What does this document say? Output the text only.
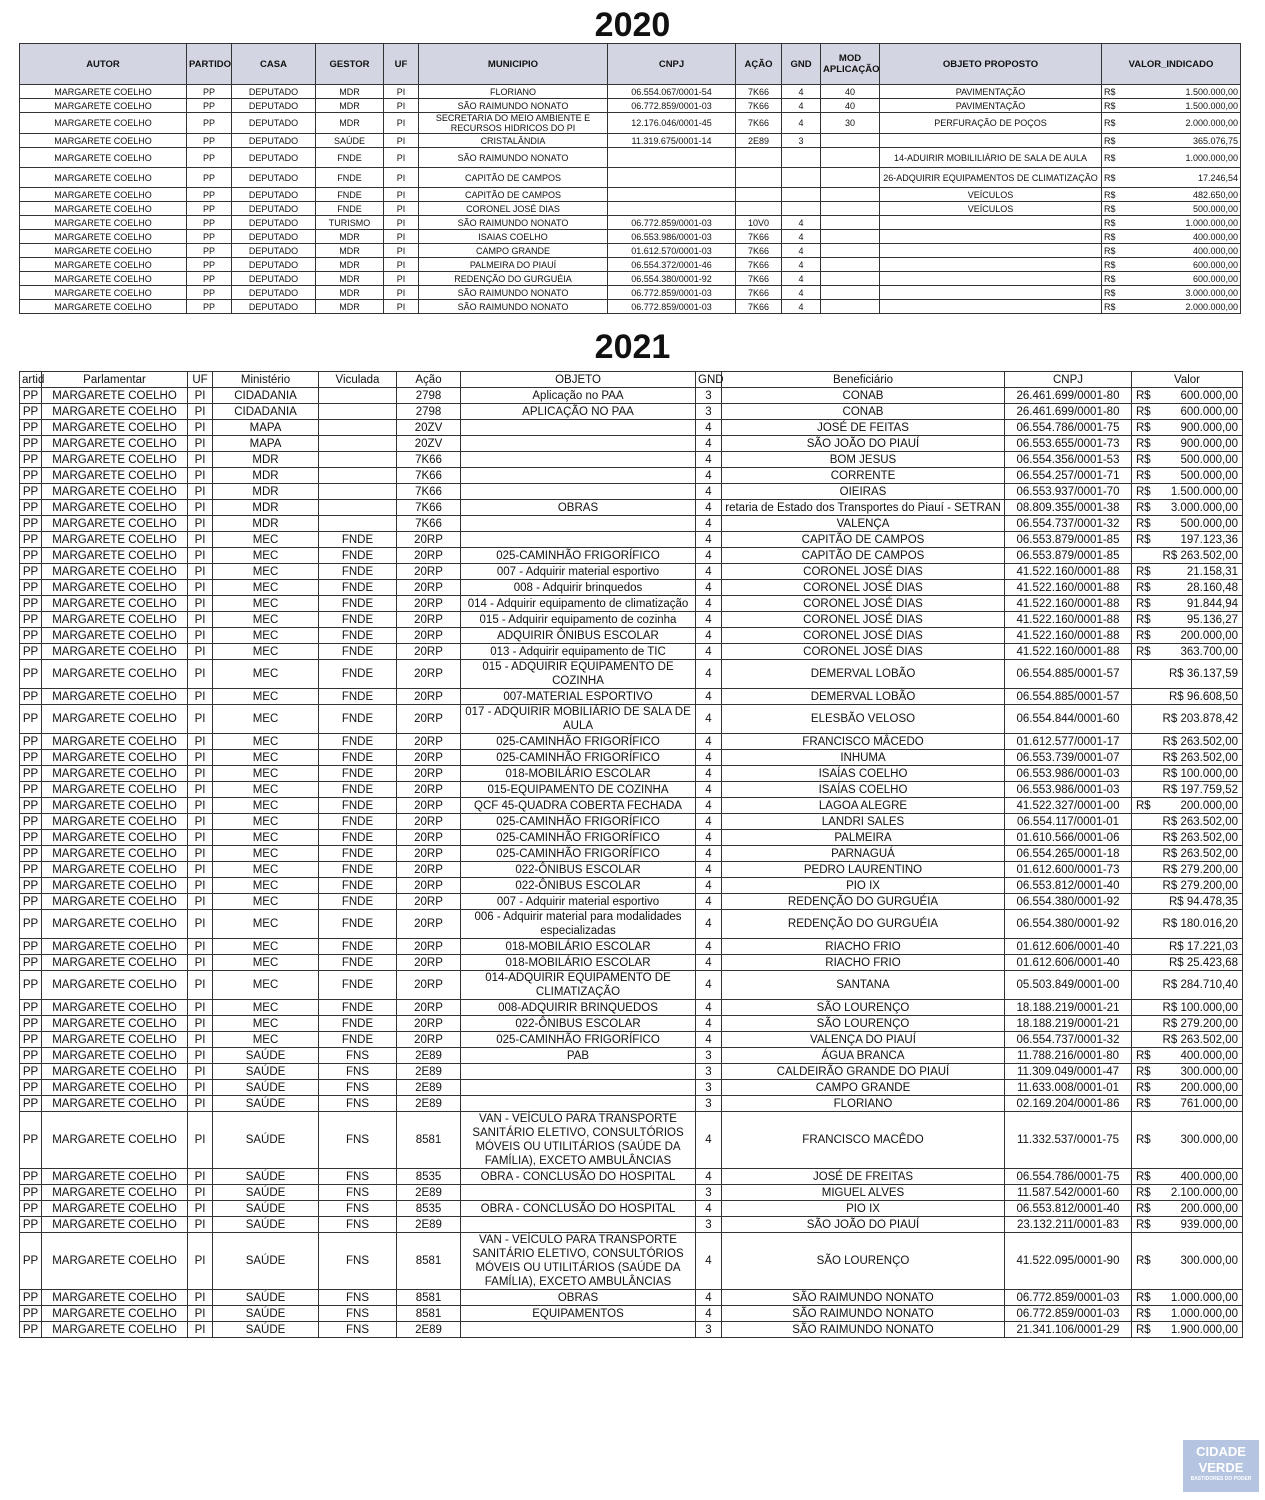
2020
AUTOR	PARTIDO	CASA	GESTOR	UF	MUNICIPIO	CNPJ	AÇÃO	GND	MOD APLICAÇÃO	OBJETO PROPOSTO	VALOR_INDICADO
MARGARETE COELHO	PP	DEPUTADO	MDR	PI	FLORIANO	06.554.067/0001-54	7K66	4	40	PAVIMENTAÇÃO	R$ 1.500.000,00
MARGARETE COELHO	PP	DEPUTADO	MDR	PI	SÃO RAIMUNDO NONATO	06.772.859/0001-03	7K66	4	40	PAVIMENTAÇÃO	R$ 1.500.000,00
MARGARETE COELHO	PP	DEPUTADO	MDR	PI	SECRETARIA DO MEIO AMBIENTE E RECURSOS HIDRICOS DO PI	12.176.046/0001-45	7K66	4	30	PERFURAÇÃO DE POÇOS	R$ 2.000.000,00
MARGARETE COELHO	PP	DEPUTADO	SAÚDE	PI	CRISTALÂNDIA	11.319.675/0001-14	2E89	3			R$ 365.076,75
MARGARETE COELHO	PP	DEPUTADO	FNDE	PI	SÃO RAIMUNDO NONATO					14-ADUIRIR MOBILILIÁRIO DE SALA DE AULA	R$ 1.000.000,00
MARGARETE COELHO	PP	DEPUTADO	FNDE	PI	CAPITÃO DE CAMPOS					26-ADQUIRIR EQUIPAMENTOS DE CLIMATIZAÇÃO	R$ 17.246,54
MARGARETE COELHO	PP	DEPUTADO	FNDE	PI	CAPITÃO DE CAMPOS					VEÍCULOS	R$ 482.650,00
MARGARETE COELHO	PP	DEPUTADO	FNDE	PI	CORONEL JOSÉ DIAS					VEÍCULOS	R$ 500.000,00
MARGARETE COELHO	PP	DEPUTADO	TURISMO	PI	SÃO RAIMUNDO NONATO	06.772.859/0001-03	10V0	4			R$ 1.000.000,00
MARGARETE COELHO	PP	DEPUTADO	MDR	PI	ISAIAS COELHO	06.553.986/0001-03	7K66	4			R$ 400.000,00
MARGARETE COELHO	PP	DEPUTADO	MDR	PI	CAMPO GRANDE	01.612.570/0001-03	7K66	4			R$ 400.000,00
MARGARETE COELHO	PP	DEPUTADO	MDR	PI	PALMEIRA DO PIAUÍ	06.554.372/0001-46	7K66	4			R$ 600.000,00
MARGARETE COELHO	PP	DEPUTADO	MDR	PI	REDENÇÃO DO GURGUÉIA	06.554.380/0001-92	7K66	4			R$ 600.000,00
MARGARETE COELHO	PP	DEPUTADO	MDR	PI	SÃO RAIMUNDO NONATO	06.772.859/0001-03	7K66	4			R$ 3.000.000,00
MARGARETE COELHO	PP	DEPUTADO	MDR	PI	SÃO RAIMUNDO NONATO	06.772.859/0001-03	7K66	4			R$ 2.000.000,00
2021
artid	Parlamentar	UF	Ministério	Viculada	Ação	OBJETO	GND	Beneficiário	CNPJ	Valor
PP	MARGARETE COELHO	PI	CIDADANIA		2798	Aplicação no PAA	3	CONAB	26.461.699/0001-80	R$ 600.000,00
PP	MARGARETE COELHO	PI	CIDADANIA		2798	APLICAÇÃO NO PAA	3	CONAB	26.461.699/0001-80	R$ 600.000,00
PP	MARGARETE COELHO	PI	MAPA		20ZV		4	JOSÉ DE FEITAS	06.554.786/0001-75	R$ 900.000,00
PP	MARGARETE COELHO	PI	MAPA		20ZV		4	SÃO JOÃO DO PIAUÍ	06.553.655/0001-73	R$ 900.000,00
PP	MARGARETE COELHO	PI	MDR		7K66		4	BOM JESUS	06.554.356/0001-53	R$ 500.000,00
PP	MARGARETE COELHO	PI	MDR		7K66		4	CORRENTE	06.554.257/0001-71	R$ 500.000,00
PP	MARGARETE COELHO	PI	MDR		7K66		4	OIEIRAS	06.553.937/0001-70	R$ 1.500.000,00
PP	MARGARETE COELHO	PI	MDR		7K66	OBRAS	4	retaria de Estado dos Transportes do Piauí - SETRAN	08.809.355/0001-38	R$ 3.000.000,00
PP	MARGARETE COELHO	PI	MDR		7K66		4	VALENÇA	06.554.737/0001-32	R$ 500.000,00
PP	MARGARETE COELHO	PI	MEC	FNDE	20RP		4	CAPITÃO DE CAMPOS	06.553.879/0001-85	R$ 197.123,36
PP	MARGARETE COELHO	PI	MEC	FNDE	20RP	025-CAMINHÃO FRIGORÍFICO	4	CAPITÃO DE CAMPOS	06.553.879/0001-85	R$ 263.502,00
PP	MARGARETE COELHO	PI	MEC	FNDE	20RP	007 - Adquirir material esportivo	4	CORONEL JOSÉ DIAS	41.522.160/0001-88	R$ 21.158,31
PP	MARGARETE COELHO	PI	MEC	FNDE	20RP	008 - Adquirir brinquedos	4	CORONEL JOSÉ DIAS	41.522.160/0001-88	R$ 28.160,48
PP	MARGARETE COELHO	PI	MEC	FNDE	20RP	014 - Adquirir equipamento de climatização	4	CORONEL JOSÉ DIAS	41.522.160/0001-88	R$ 91.844,94
PP	MARGARETE COELHO	PI	MEC	FNDE	20RP	015 - Adquirir equipamento de cozinha	4	CORONEL JOSÉ DIAS	41.522.160/0001-88	R$ 95.136,27
PP	MARGARETE COELHO	PI	MEC	FNDE	20RP	ADQUIRIR ÔNIBUS ESCOLAR	4	CORONEL JOSÉ DIAS	41.522.160/0001-88	R$ 200.000,00
PP	MARGARETE COELHO	PI	MEC	FNDE	20RP	013 - Adquirir equipamento de TIC	4	CORONEL JOSÉ DIAS	41.522.160/0001-88	R$ 363.700,00
PP	MARGARETE COELHO	PI	MEC	FNDE	20RP	015 - ADQUIRIR EQUIPAMENTO DE COZINHA	4	DEMERVAL LOBÃO	06.554.885/0001-57	R$ 36.137,59
PP	MARGARETE COELHO	PI	MEC	FNDE	20RP	007-MATERIAL ESPORTIVO	4	DEMERVAL LOBÃO	06.554.885/0001-57	R$ 96.608,50
PP	MARGARETE COELHO	PI	MEC	FNDE	20RP	017 - ADQUIRIR MOBILIÁRIO DE SALA DE AULA	4	ELESBÃO VELOSO	06.554.844/0001-60	R$ 203.878,42
PP	MARGARETE COELHO	PI	MEC	FNDE	20RP	025-CAMINHÃO FRIGORÍFICO	4	FRANCISCO MÂCEDO	01.612.577/0001-17	R$ 263.502,00
PP	MARGARETE COELHO	PI	MEC	FNDE	20RP	025-CAMINHÃO FRIGORÍFICO	4	INHUMA	06.553.739/0001-07	R$ 263.502,00
PP	MARGARETE COELHO	PI	MEC	FNDE	20RP	018-MOBILÁRIO ESCOLAR	4	ISAÍAS COELHO	06.553.986/0001-03	R$ 100.000,00
PP	MARGARETE COELHO	PI	MEC	FNDE	20RP	015-EQUIPAMENTO DE COZINHA	4	ISAÍAS COELHO	06.553.986/0001-03	R$ 197.759,52
PP	MARGARETE COELHO	PI	MEC	FNDE	20RP	QCF 45-QUADRA COBERTA FECHADA	4	LAGOA ALEGRE	41.522.327/0001-00	R$ 200.000,00
PP	MARGARETE COELHO	PI	MEC	FNDE	20RP	025-CAMINHÃO FRIGORÍFICO	4	LANDRI SALES	06.554.117/0001-01	R$ 263.502,00
PP	MARGARETE COELHO	PI	MEC	FNDE	20RP	025-CAMINHÃO FRIGORÍFICO	4	PALMEIRA	01.610.566/0001-06	R$ 263.502,00
PP	MARGARETE COELHO	PI	MEC	FNDE	20RP	025-CAMINHÃO FRIGORÍFICO	4	PARNAGUÁ	06.554.265/0001-18	R$ 263.502,00
PP	MARGARETE COELHO	PI	MEC	FNDE	20RP	022-ÔNIBUS ESCOLAR	4	PEDRO LAURENTINO	01.612.600/0001-73	R$ 279.200,00
PP	MARGARETE COELHO	PI	MEC	FNDE	20RP	022-ÔNIBUS ESCOLAR	4	PIO IX	06.553.812/0001-40	R$ 279.200,00
PP	MARGARETE COELHO	PI	MEC	FNDE	20RP	007 - Adquirir material esportivo	4	REDENÇÃO DO GURGUÉIA	06.554.380/0001-92	R$ 94.478,35
PP	MARGARETE COELHO	PI	MEC	FNDE	20RP	006 - Adquirir material para modalidades especializadas	4	REDENÇÃO DO GURGUÉIA	06.554.380/0001-92	R$ 180.016,20
PP	MARGARETE COELHO	PI	MEC	FNDE	20RP	018-MOBILÁRIO ESCOLAR	4	RIACHO FRIO	01.612.606/0001-40	R$ 17.221,03
PP	MARGARETE COELHO	PI	MEC	FNDE	20RP	018-MOBILÁRIO ESCOLAR	4	RIACHO FRIO	01.612.606/0001-40	R$ 25.423,68
PP	MARGARETE COELHO	PI	MEC	FNDE	20RP	014-ADQUIRIR EQUIPAMENTO DE CLIMATIZAÇÃO	4	SANTANA	05.503.849/0001-00	R$ 284.710,40
PP	MARGARETE COELHO	PI	MEC	FNDE	20RP	008-ADQUIRIR BRINQUEDOS	4	SÃO LOURENÇO	18.188.219/0001-21	R$ 100.000,00
PP	MARGARETE COELHO	PI	MEC	FNDE	20RP	022-ÔNIBUS ESCOLAR	4	SÃO LOURENÇO	18.188.219/0001-21	R$ 279.200,00
PP	MARGARETE COELHO	PI	MEC	FNDE	20RP	025-CAMINHÃO FRIGORÍFICO	4	VALENÇA DO PIAUÍ	06.554.737/0001-32	R$ 263.502,00
PP	MARGARETE COELHO	PI	SAÚDE	FNS	2E89	PAB	3	ÁGUA BRANCA	11.788.216/0001-80	R$ 400.000,00
PP	MARGARETE COELHO	PI	SAÚDE	FNS	2E89		3	CALDEIRÃO GRANDE DO PIAUÍ	11.309.049/0001-47	R$ 300.000,00
PP	MARGARETE COELHO	PI	SAÚDE	FNS	2E89		3	CAMPO GRANDE	11.633.008/0001-01	R$ 200.000,00
PP	MARGARETE COELHO	PI	SAÚDE	FNS	2E89		3	FLORIANO	02.169.204/0001-86	R$ 761.000,00
PP	MARGARETE COELHO	PI	SAÚDE	FNS	8581	VAN - VEÍCULO PARA TRANSPORTE SANITÁRIO ELETIVO, CONSULTÓRIOS MÓVEIS OU UTILITÁRIOS (SAÚDE DA FAMÍLIA), EXCETO AMBULÂNCIAS	4	FRANCISCO MACÊDO	11.332.537/0001-75	R$ 300.000,00
PP	MARGARETE COELHO	PI	SAÚDE	FNS	8535	OBRA - CONCLUSÃO DO HOSPITAL	4	JOSÉ DE FREITAS	06.554.786/0001-75	R$ 400.000,00
PP	MARGARETE COELHO	PI	SAÚDE	FNS	2E89		3	MIGUEL ALVES	11.587.542/0001-60	R$ 2.100.000,00
PP	MARGARETE COELHO	PI	SAÚDE	FNS	8535	OBRA - CONCLUSÃO DO HOSPITAL	4	PIO IX	06.553.812/0001-40	R$ 200.000,00
PP	MARGARETE COELHO	PI	SAÚDE	FNS	2E89		3	SÃO JOÃO DO PIAUÍ	23.132.211/0001-83	R$ 939.000,00
PP	MARGARETE COELHO	PI	SAÚDE	FNS	8581	VAN - VEÍCULO PARA TRANSPORTE SANITÁRIO ELETIVO, CONSULTÓRIOS MÓVEIS OU UTILITÁRIOS (SAÚDE DA FAMÍLIA), EXCETO AMBULÂNCIAS	4	SÃO LOURENÇO	41.522.095/0001-90	R$ 300.000,00
PP	MARGARETE COELHO	PI	SAÚDE	FNS	8581	OBRAS	4	SÃO RAIMUNDO NONATO	06.772.859/0001-03	R$ 1.000.000,00
PP	MARGARETE COELHO	PI	SAÚDE	FNS	8581	EQUIPAMENTOS	4	SÃO RAIMUNDO NONATO	06.772.859/0001-03	R$ 1.000.000,00
PP	MARGARETE COELHO	PI	SAÚDE	FNS	2E89		3	SÃO RAIMUNDO NONATO	21.341.106/0001-29	R$ 1.900.000,00
CIDADE
VERDE
BASTIDORES DO PODER
